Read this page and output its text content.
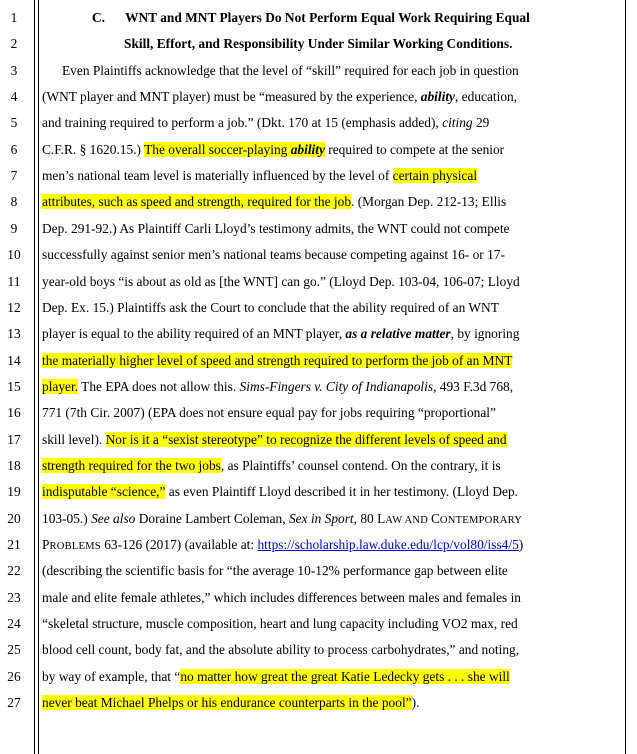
1
2
3
4
5
6
7
8
9
10
11
12
13
14
15
16
17
18
19
20
21
22
23
24
25
26
27
C.      WNT and MNT Players Do Not Perform Equal Work Requiring Equal
Skill, Effort, and Responsibility Under Similar Working Conditions.
Even Plaintiffs acknowledge that the level of “skill” required for each job in question
(WNT player and MNT player) must be “measured by the experience, ability, education,
and training required to perform a job.” (Dkt. 170 at 15 (emphasis added), citing 29
C.F.R. § 1620.15.) The overall soccer-playing ability required to compete at the senior
men’s national team level is materially influenced by the level of certain physical
attributes, such as speed and strength, required for the job. (Morgan Dep. 212-13; Ellis
Dep. 291-92.) As Plaintiff Carli Lloyd’s testimony admits, the WNT could not compete
successfully against senior men’s national teams because competing against 16- or 17-
year-old boys “is about as old as [the WNT] can go.” (Lloyd Dep. 103-04, 106-07; Lloyd
Dep. Ex. 15.) Plaintiffs ask the Court to conclude that the ability required of an WNT
player is equal to the ability required of an MNT player, as a relative matter, by ignoring
the materially higher level of speed and strength required to perform the job of an MNT
player. The EPA does not allow this. Sims-Fingers v. City of Indianapolis, 493 F.3d 768,
771 (7th Cir. 2007) (EPA does not ensure equal pay for jobs requiring “proportional”
skill level). Nor is it a “sexist stereotype” to recognize the different levels of speed and
strength required for the two jobs, as Plaintiffs’ counsel contend. On the contrary, it is
indisputable “science,” as even Plaintiff Lloyd described it in her testimony. (Lloyd Dep.
103-05.) See also Doraine Lambert Coleman, Sex in Sport, 80 LAW AND CONTEMPORARY
PROBLEMS 63-126 (2017) (available at: https://scholarship.law.duke.edu/lcp/vol80/iss4/5)
(describing the scientific basis for “the average 10-12% performance gap between elite
male and elite female athletes,” which includes differences between males and females in
“skeletal structure, muscle composition, heart and lung capacity including VO2 max, red
blood cell count, body fat, and the absolute ability to process carbohydrates,” and noting,
by way of example, that “no matter how great the great Katie Ledecky gets . . . she will
never beat Michael Phelps or his endurance counterparts in the pool”).
